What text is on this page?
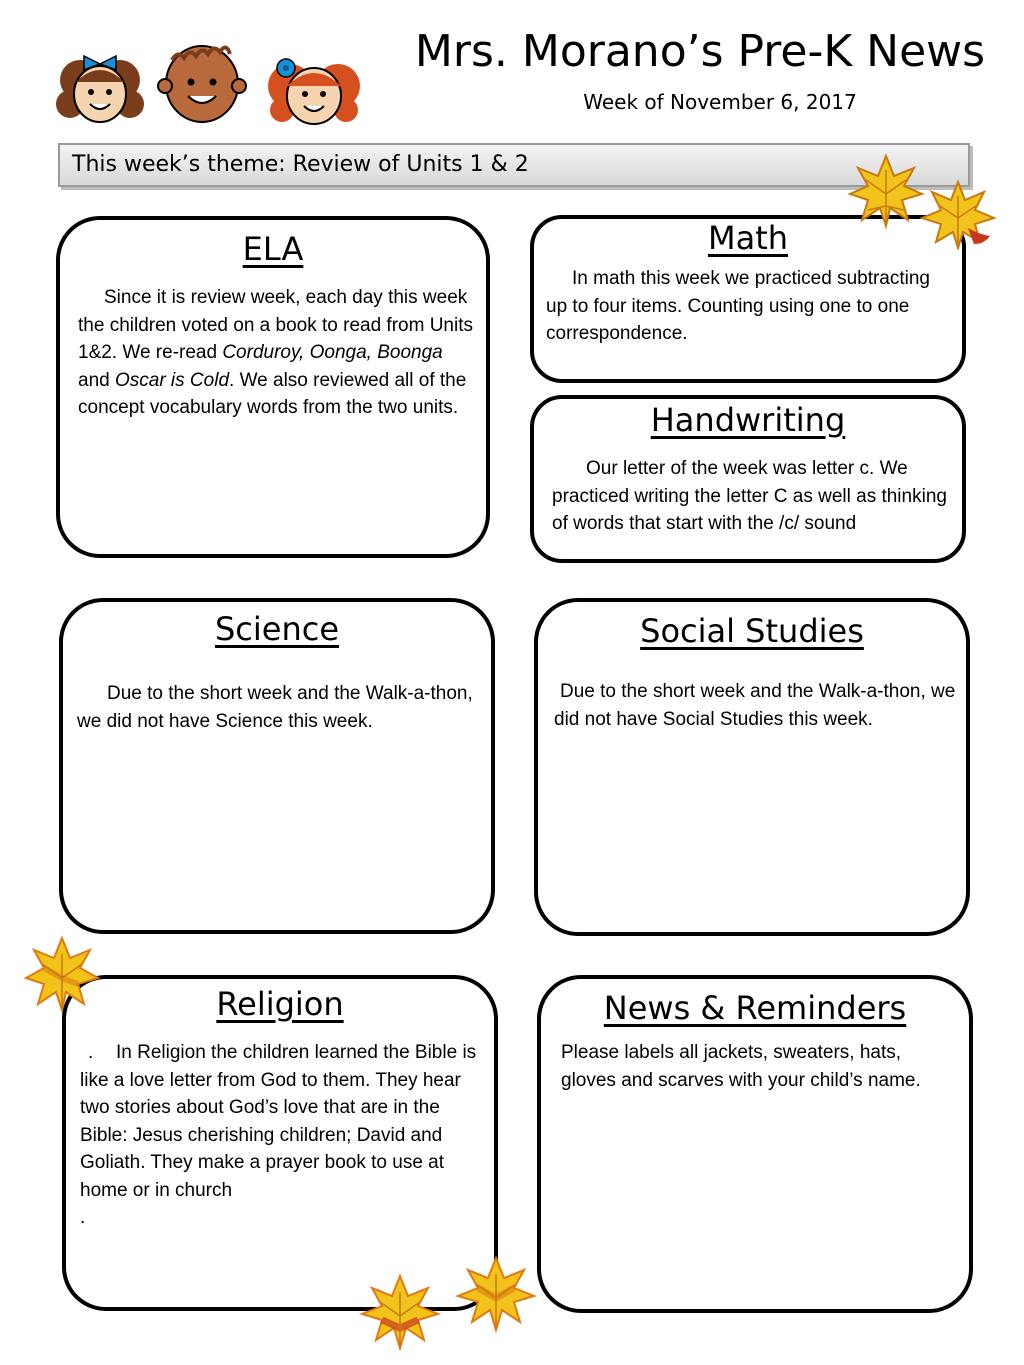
Mrs. Morano’s Pre-K News
Week of November 6, 2017
This week’s theme: Review of Units 1 & 2
ELA

Since it is review week, each day this week the children voted on a book to read from Units 1&2. We re-read Corduroy, Oonga, Boonga and Oscar is Cold. We also reviewed all of the concept vocabulary words from the two units.

Math

In math this week we practiced subtracting up to four items. Counting using one to one correspondence.

Handwriting

Our letter of the week was letter c. We practiced writing the letter C as well as thinking of words that start with the /c/ sound

Science

Due to the short week and the Walk-a-thon, we did not have Science this week.

Social Studies

Due to the short week and the Walk-a-thon, we did not have Social Studies this week.

Religion

. In Religion the children learned the Bible is like a love letter from God to them. They hear two stories about God’s love that are in the Bible: Jesus cherishing children; David and Goliath. They make a prayer book to use at home or in church
.

News & Reminders

Please labels all jackets, sweaters, hats, gloves and scarves with your child’s name.
